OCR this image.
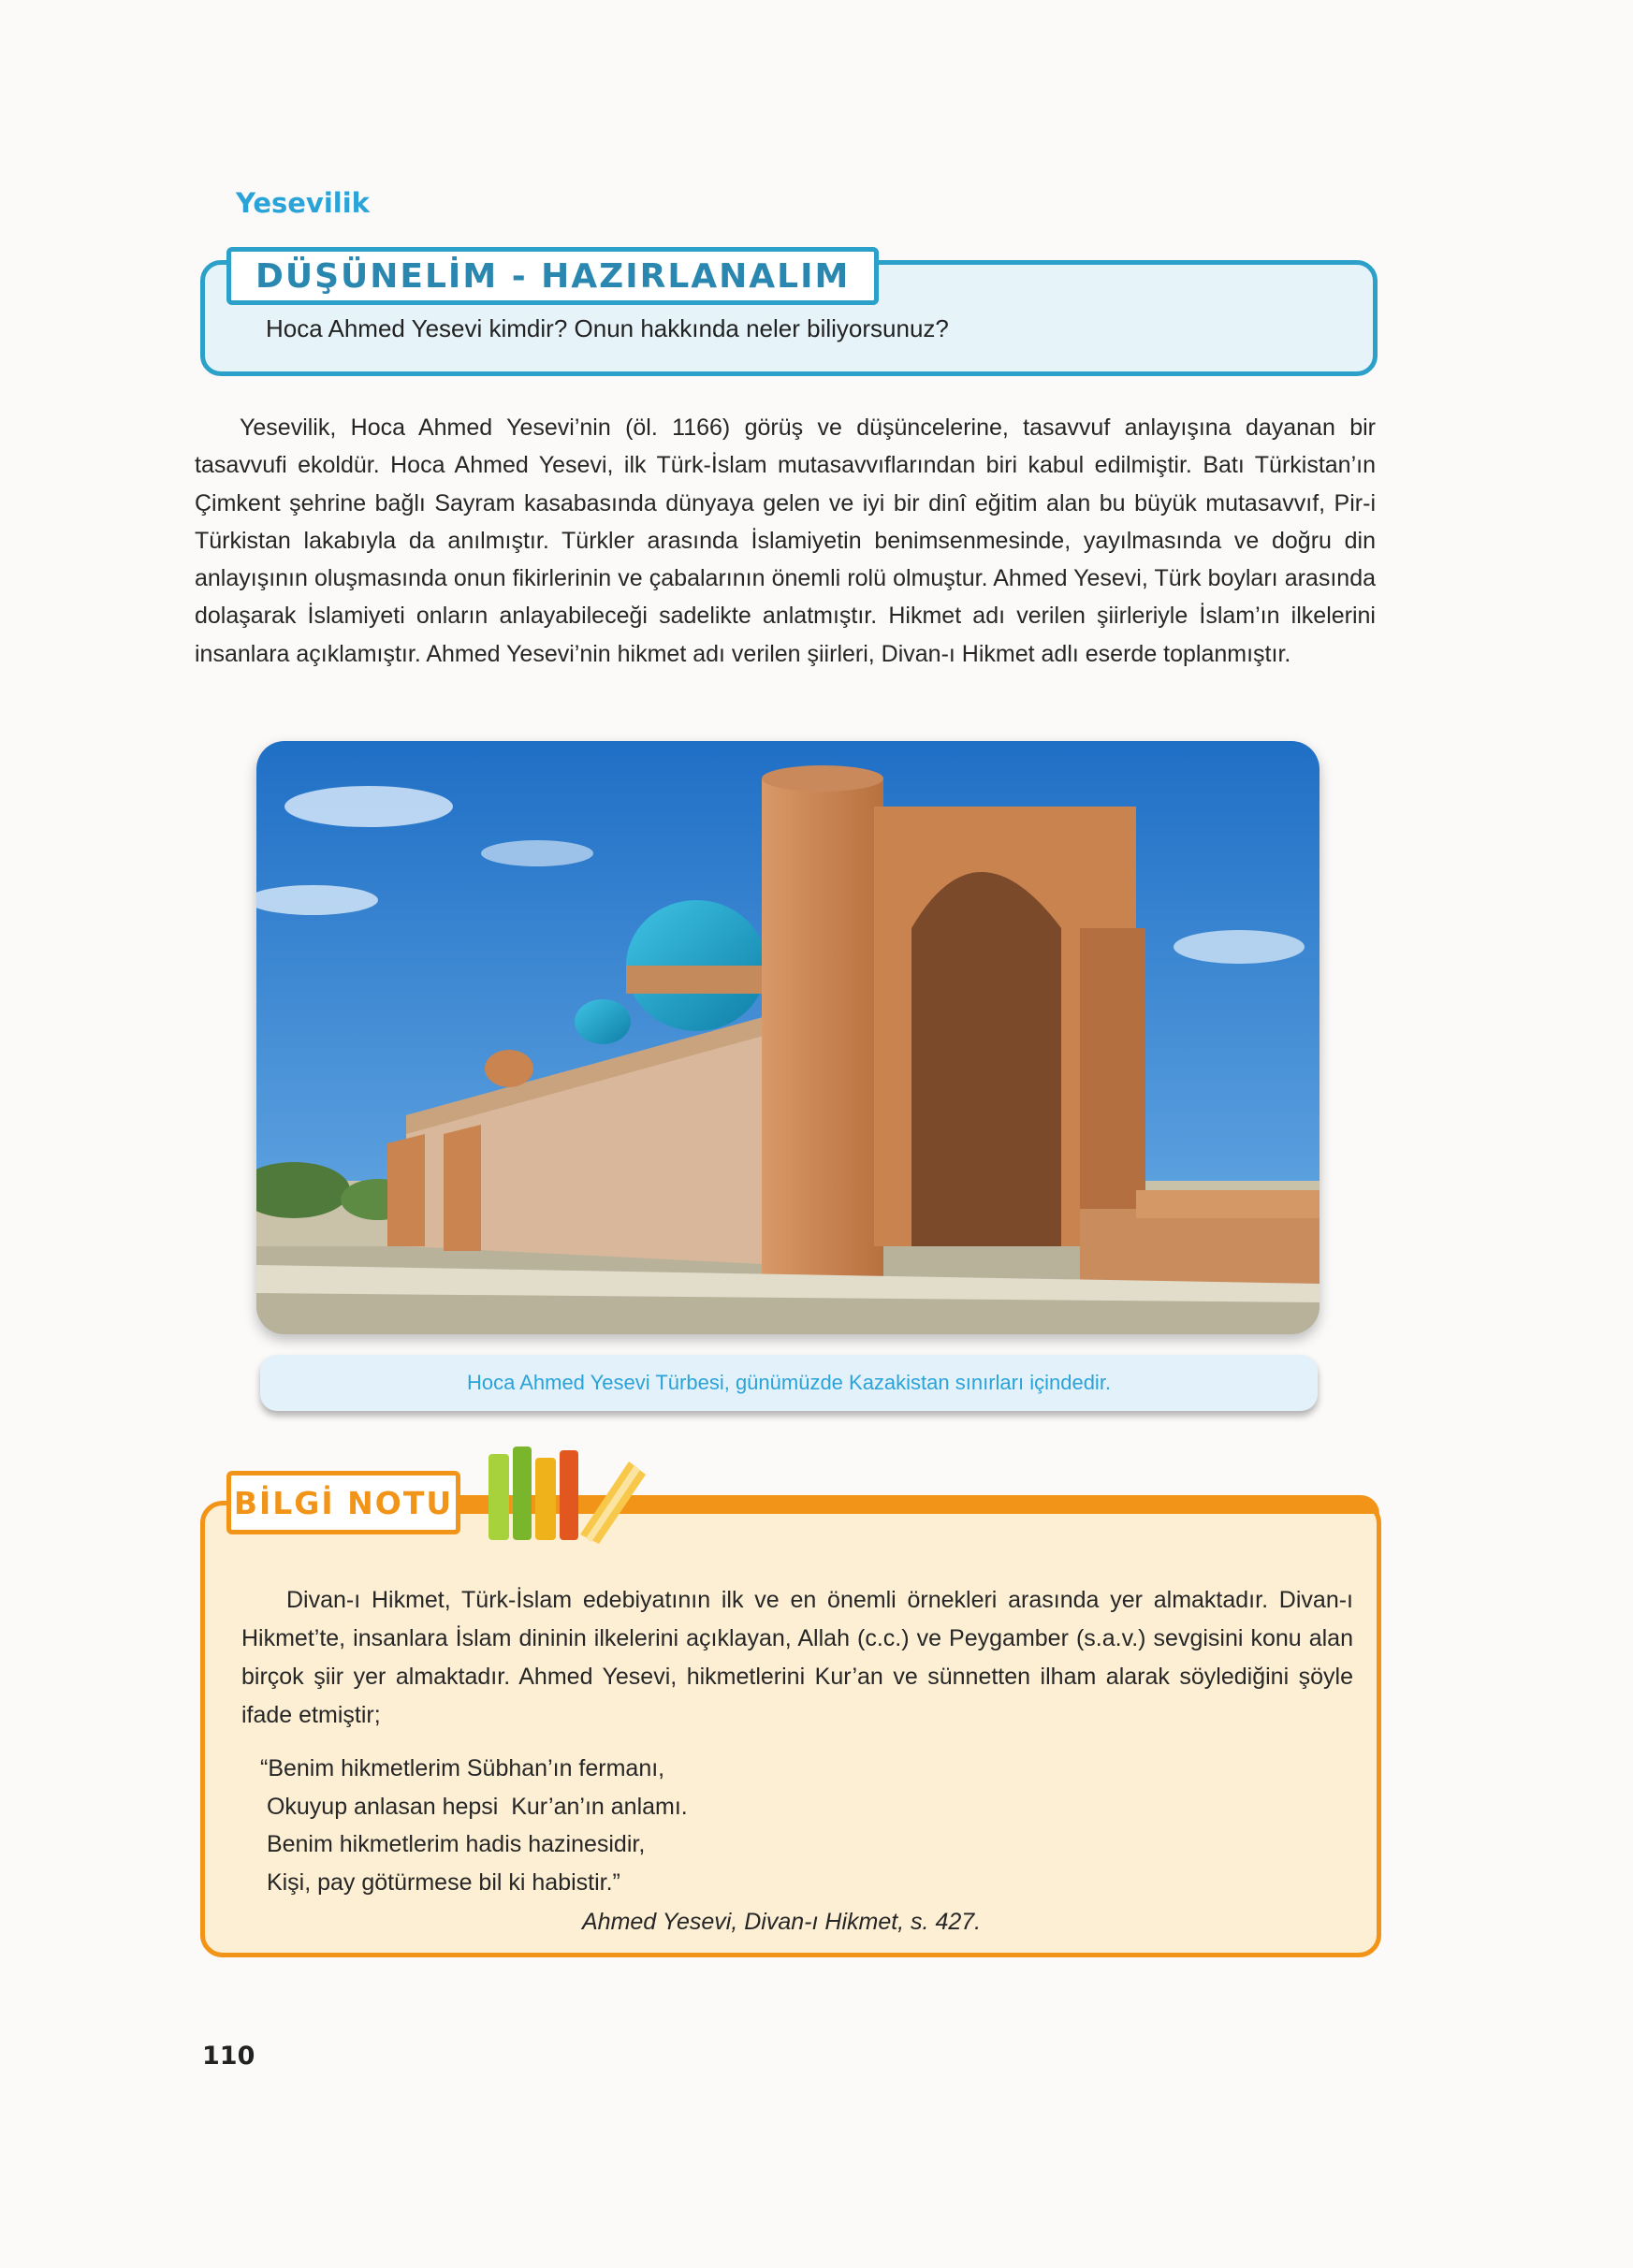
Yesevilik
DÜŞÜNELİM - HAZIRLANALIM

Hoca Ahmed Yesevi kimdir? Onun hakkında neler biliyorsunuz?

Yesevilik, Hoca Ahmed Yesevi’nin (öl. 1166) görüş ve düşüncelerine, tasavvuf anlayışına dayanan bir tasavvufi ekoldür. Hoca Ahmed Yesevi, ilk Türk-İslam mutasavvıflarından biri kabul edilmiştir. Batı Türkistan’ın Çimkent şehrine bağlı Sayram kasabasında dünyaya gelen ve iyi bir dinî eğitim alan bu büyük mutasavvıf, Pir-i Türkistan lakabıyla da anılmıştır. Türkler arasında İslamiyetin benimsenmesinde, yayılmasında ve doğru din anlayışının oluşmasında onun fikirlerinin ve çabalarının önemli rolü olmuştur. Ahmed Yesevi, Türk boyları arasında dolaşarak İslamiyeti onların anlayabileceği sadelikte anlatmıştır. Hikmet adı verilen şiirleriyle İslam’ın ilkelerini insanlara açıklamıştır. Ahmed Yesevi’nin hikmet adı verilen şiirleri, Divan-ı Hikmet adlı eserde toplanmıştır.

Hoca Ahmed Yesevi Türbesi, günümüzde Kazakistan sınırları içindedir.

BİLGİ NOTU

Divan-ı Hikmet, Türk-İslam edebiyatının ilk ve en önemli örnekleri arasında yer almaktadır. Divan-ı Hikmet’te, insanlara İslam dininin ilkelerini açıklayan, Allah (c.c.) ve Peygamber (s.a.v.) sevgisini konu alan birçok şiir yer almaktadır. Ahmed Yesevi, hikmetlerini Kur’an ve sünnetten ilham alarak söylediğini şöyle ifade etmiştir;

“Benim hikmetlerim Sübhan’ın fermanı,
Okuyup anlasan hepsi  Kur’an’ın anlamı.
Benim hikmetlerim hadis hazinesidir,
Kişi, pay götürmese bil ki habistir.”

Ahmed Yesevi, Divan-ı Hikmet, s. 427.

110
